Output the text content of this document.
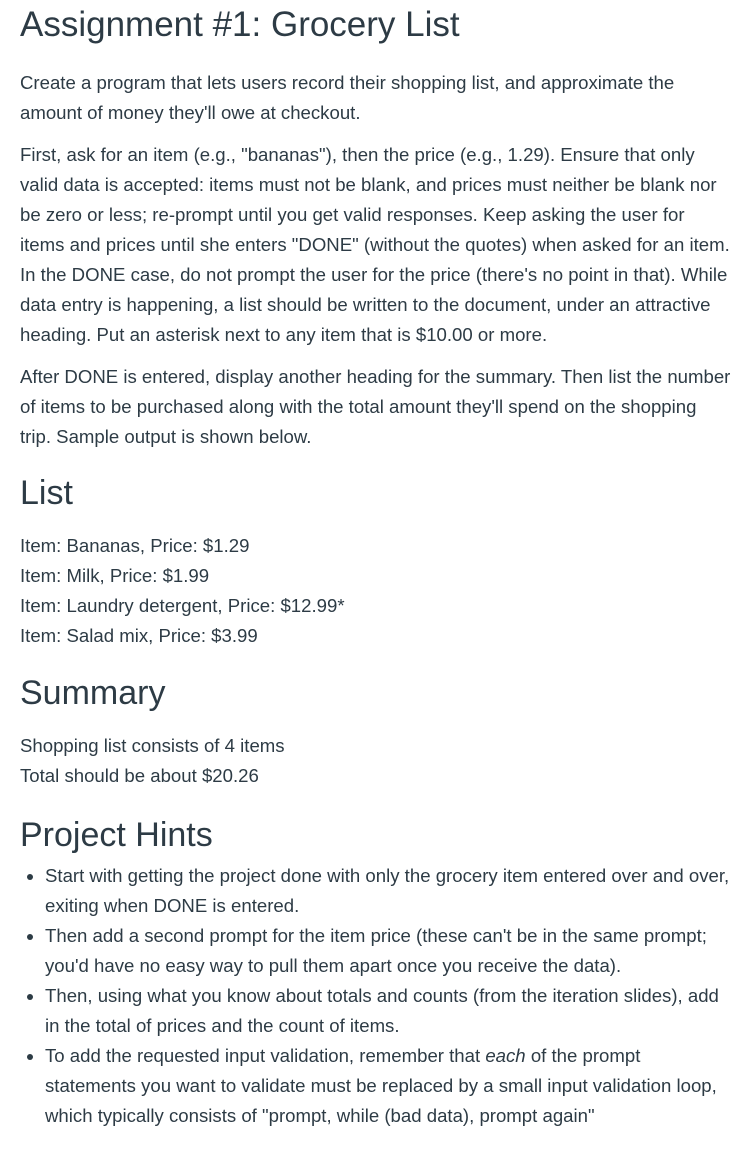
Assignment #1: Grocery List

Create a program that lets users record their shopping list, and approximate the amount of money they'll owe at checkout.

First, ask for an item (e.g., "bananas"), then the price (e.g., 1.29). Ensure that only valid data is accepted: items must not be blank, and prices must neither be blank nor be zero or less; re-prompt until you get valid responses. Keep asking the user for items and prices until she enters "DONE" (without the quotes) when asked for an item. In the DONE case, do not prompt the user for the price (there's no point in that). While data entry is happening, a list should be written to the document, under an attractive heading. Put an asterisk next to any item that is $10.00 or more.

After DONE is entered, display another heading for the summary. Then list the number of items to be purchased along with the total amount they'll spend on the shopping trip. Sample output is shown below.

List
Item: Bananas, Price: $1.29
Item: Milk, Price: $1.99
Item: Laundry detergent, Price: $12.99*
Item: Salad mix, Price: $3.99
Summary
Shopping list consists of 4 items
Total should be about $20.26
Project Hints
• Start with getting the project done with only the grocery item entered over and over, exiting when DONE is entered.
• Then add a second prompt for the item price (these can't be in the same prompt; you'd have no easy way to pull them apart once you receive the data).
• Then, using what you know about totals and counts (from the iteration slides), add in the total of prices and the count of items.
• To add the requested input validation, remember that each of the prompt statements you want to validate must be replaced by a small input validation loop, which typically consists of "prompt, while (bad data), prompt again"
